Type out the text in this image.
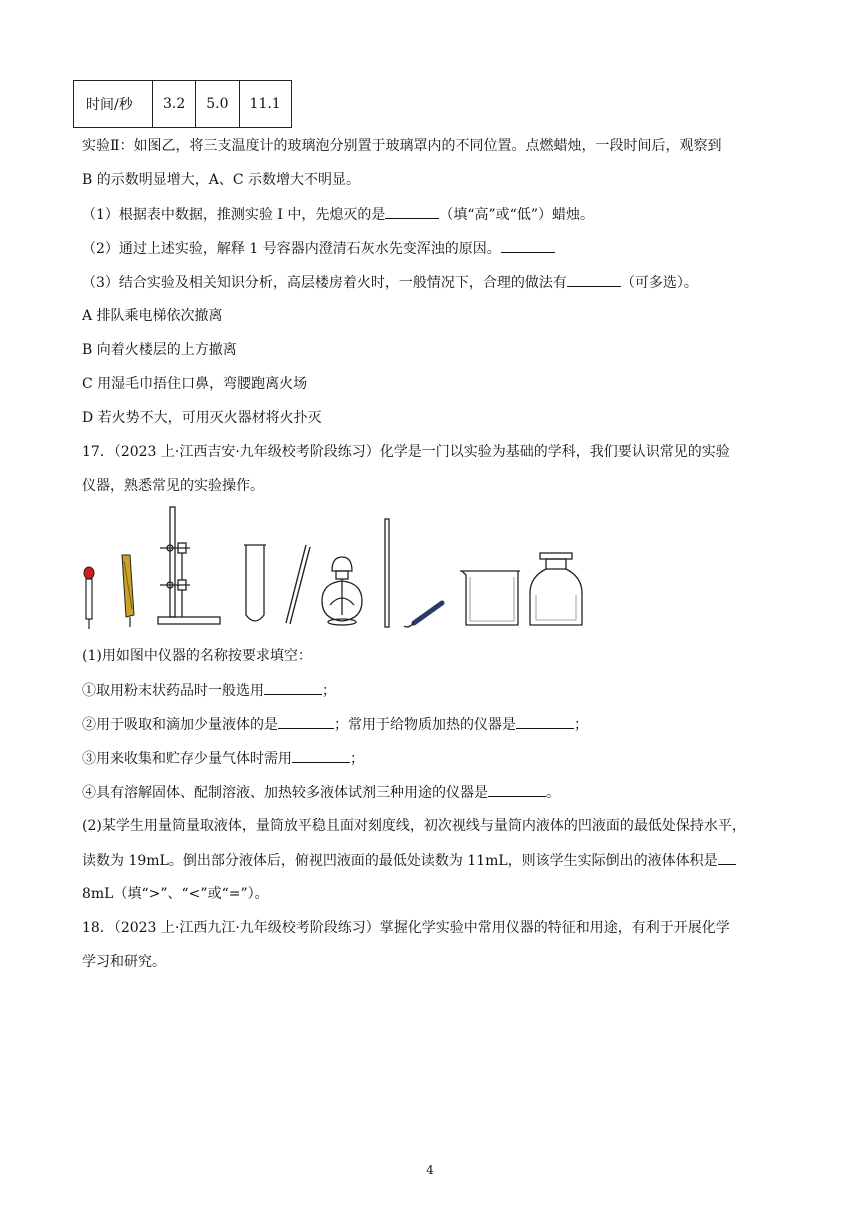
时间/秒	3.2	5.0	11.1
实验Ⅱ：如图乙，将三支温度计的玻璃泡分别置于玻璃罩内的不同位置。点燃蜡烛，一段时间后，观察到
B 的示数明显增大，A、C 示数增大不明显。
（1）根据表中数据，推测实验 I 中，先熄灭的是	（填“高”或“低”）蜡烛。
（2）通过上述实验，解释 1 号容器内澄清石灰水先变浑浊的原因。
（3）结合实验及相关知识分析，高层楼房着火时，一般情况下，合理的做法有	（可多选）。
A 排队乘电梯依次撤离
B 向着火楼层的上方撤离
C 用湿毛巾捂住口鼻，弯腰跑离火场
D 若火势不大，可用灭火器材将火扑灭
17．（2023 上·江西吉安·九年级校考阶段练习）化学是一门以实验为基础的学科，我们要认识常见的实验
仪器，熟悉常见的实验操作。
(1)用如图中仪器的名称按要求填空：
①取用粉末状药品时一般选用	；
②用于吸取和滴加少量液体的是	；常用于给物质加热的仪器是	；
③用来收集和贮存少量气体时需用	；
④具有溶解固体、配制溶液、加热较多液体试剂三种用途的仪器是	。
(2)某学生用量筒量取液体，量筒放平稳且面对刻度线，初次视线与量筒内液体的凹液面的最低处保持水平，
读数为 19mL。倒出部分液体后，俯视凹液面的最低处读数为 11mL，则该学生实际倒出的液体体积是
8mL（填“>”、“<”或“=”）。
18．（2023 上·江西九江·九年级校考阶段练习）掌握化学实验中常用仪器的特征和用途，有利于开展化学
学习和研究。
4
